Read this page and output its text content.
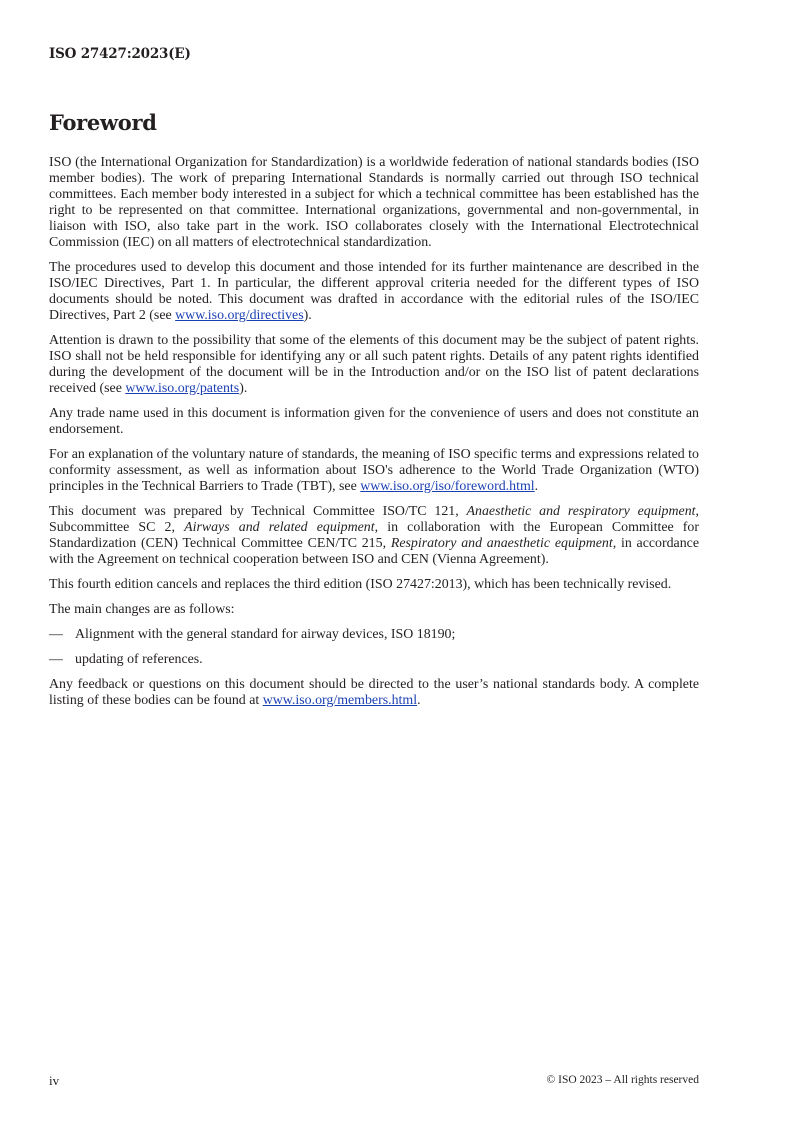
ISO 27427:2023(E)
Foreword

ISO (the International Organization for Standardization) is a worldwide federation of national standards bodies (ISO member bodies). The work of preparing International Standards is normally carried out through ISO technical committees. Each member body interested in a subject for which a technical committee has been established has the right to be represented on that committee. International organizations, governmental and non-governmental, in liaison with ISO, also take part in the work. ISO collaborates closely with the International Electrotechnical Commission (IEC) on all matters of electrotechnical standardization.

The procedures used to develop this document and those intended for its further maintenance are described in the ISO/IEC Directives, Part 1. In particular, the different approval criteria needed for the different types of ISO documents should be noted. This document was drafted in accordance with the editorial rules of the ISO/IEC Directives, Part 2 (see www.iso.org/directives).

Attention is drawn to the possibility that some of the elements of this document may be the subject of patent rights. ISO shall not be held responsible for identifying any or all such patent rights. Details of any patent rights identified during the development of the document will be in the Introduction and/or on the ISO list of patent declarations received (see www.iso.org/patents).

Any trade name used in this document is information given for the convenience of users and does not constitute an endorsement.

For an explanation of the voluntary nature of standards, the meaning of ISO specific terms and expressions related to conformity assessment, as well as information about ISO's adherence to the World Trade Organization (WTO) principles in the Technical Barriers to Trade (TBT), see www.iso.org/iso/foreword.html.

This document was prepared by Technical Committee ISO/TC 121, Anaesthetic and respiratory equipment, Subcommittee SC 2, Airways and related equipment, in collaboration with the European Committee for Standardization (CEN) Technical Committee CEN/TC 215, Respiratory and anaesthetic equipment, in accordance with the Agreement on technical cooperation between ISO and CEN (Vienna Agreement).

This fourth edition cancels and replaces the third edition (ISO 27427:2013), which has been technically revised.

The main changes are as follows:

— Alignment with the general standard for airway devices, ISO 18190;
— updating of references.

Any feedback or questions on this document should be directed to the user’s national standards body. A complete listing of these bodies can be found at www.iso.org/members.html.

iv	© ISO 2023 – All rights reserved
